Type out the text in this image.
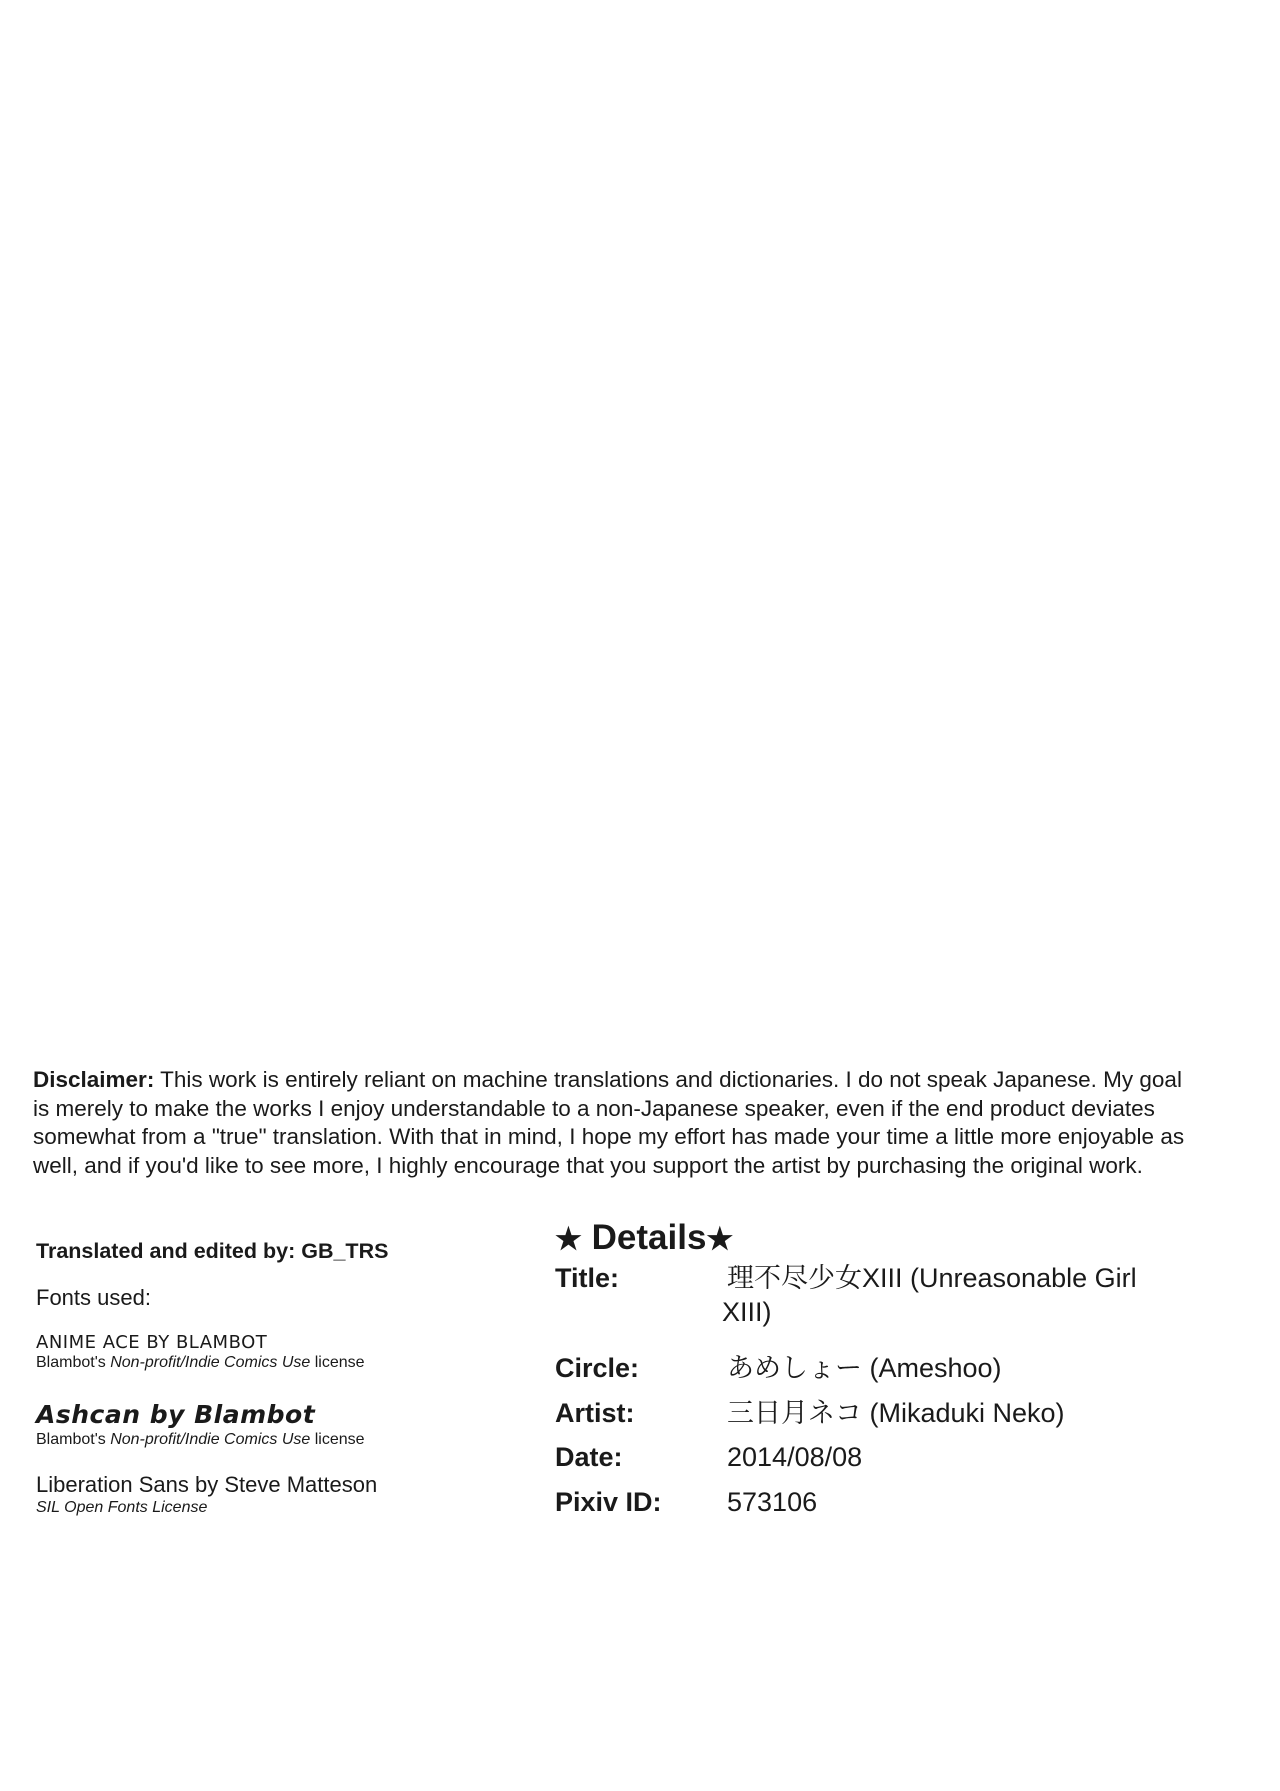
Disclaimer: This work is entirely reliant on machine translations and dictionaries. I do not speak Japanese. My goal is merely to make the works I enjoy understandable to a non-Japanese speaker, even if the end product deviates somewhat from a "true" translation. With that in mind, I hope my effort has made your time a little more enjoyable as well, and if you'd like to see more, I highly encourage that you support the artist by purchasing the original work.
Translated and edited by: GB_TRS
Fonts used:
ANIME ACE BY BLAMBOT
Blambot's Non-profit/Indie Comics Use license
Ashcan by Blambot
Blambot's Non-profit/Indie Comics Use license
Liberation Sans by Steve Matteson
SIL Open Fonts License
★ Details★
Title:	理不尽少女XIII (Unreasonable Girl XIII)
Circle:	あめしょー (Ameshoo)
Artist:	三日月ネコ (Mikaduki Neko)
Date:	2014/08/08
Pixiv ID: 573106
